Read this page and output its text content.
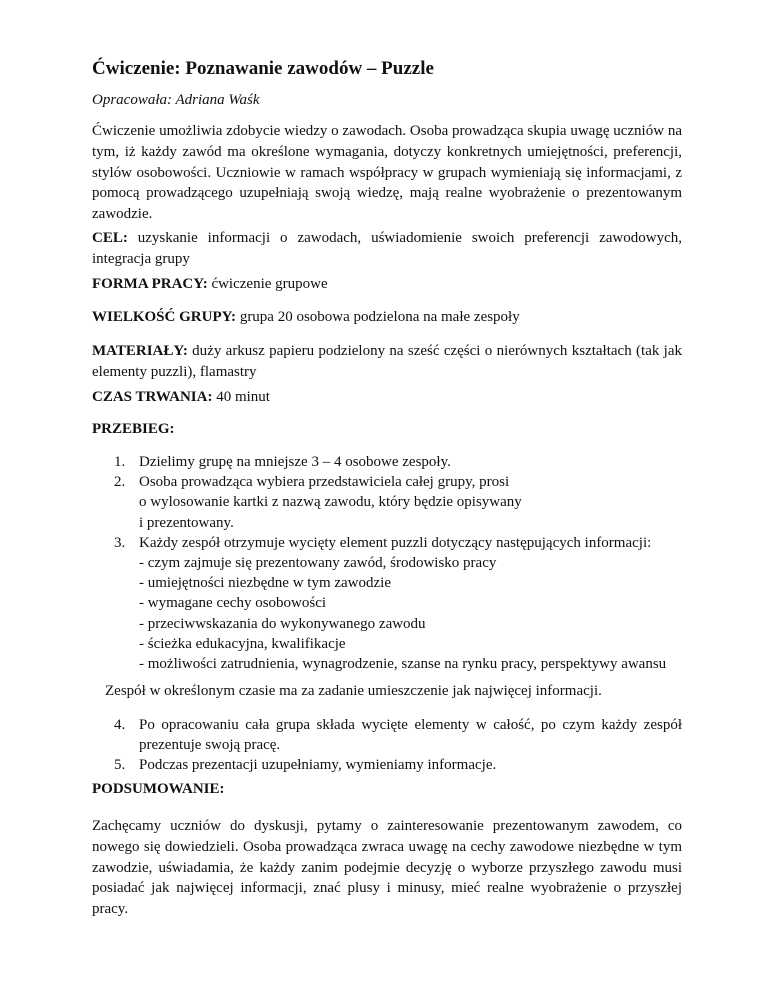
Ćwiczenie: Poznawanie zawodów – Puzzle
Opracowała: Adriana Waśk
Ćwiczenie umożliwia zdobycie wiedzy o zawodach. Osoba prowadząca skupia uwagę uczniów na tym, iż każdy zawód ma określone wymagania, dotyczy konkretnych umiejętności, preferencji, stylów osobowości. Uczniowie w ramach współpracy w grupach wymieniają się informacjami, z pomocą prowadzącego uzupełniają swoją wiedzę, mają realne wyobrażenie o prezentowanym zawodzie.
CEL: uzyskanie informacji o zawodach, uświadomienie swoich preferencji zawodowych, integracja grupy
FORMA PRACY: ćwiczenie grupowe
WIELKOŚĆ GRUPY: grupa 20 osobowa podzielona na małe zespoły
MATERIAŁY: duży arkusz papieru podzielony na sześć części o nierównych kształtach (tak jak elementy puzzli), flamastry
CZAS TRWANIA: 40 minut
PRZEBIEG:
1. Dzielimy grupę na mniejsze 3 – 4 osobowe zespoły.
2. Osoba prowadząca wybiera przedstawiciela całej grupy, prosi
o wylosowanie kartki z nazwą zawodu, który będzie opisywany
i prezentowany.
3. Każdy zespół otrzymuje wycięty element puzzli dotyczący następujących informacji:
- czym zajmuje się prezentowany zawód, środowisko pracy
- umiejętności niezbędne w tym zawodzie
- wymagane cechy osobowości
- przeciwwskazania do wykonywanego zawodu
- ścieżka edukacyjna, kwalifikacje
- możliwości zatrudnienia, wynagrodzenie, szanse na rynku pracy, perspektywy awansu
Zespół w określonym czasie ma za zadanie umieszczenie jak najwięcej informacji.
4. Po opracowaniu cała grupa składa wycięte elementy w całość, po czym każdy zespół prezentuje swoją pracę.
5. Podczas prezentacji uzupełniamy, wymieniamy informacje.
PODSUMOWANIE:
Zachęcamy uczniów do dyskusji, pytamy o zainteresowanie prezentowanym zawodem, co nowego się dowiedzieli. Osoba prowadząca zwraca uwagę na cechy zawodowe niezbędne w tym zawodzie, uświadamia, że każdy zanim podejmie decyzję o wyborze przyszłego zawodu musi posiadać jak najwięcej informacji, znać plusy i minusy, mieć realne wyobrażenie o przyszłej pracy.
